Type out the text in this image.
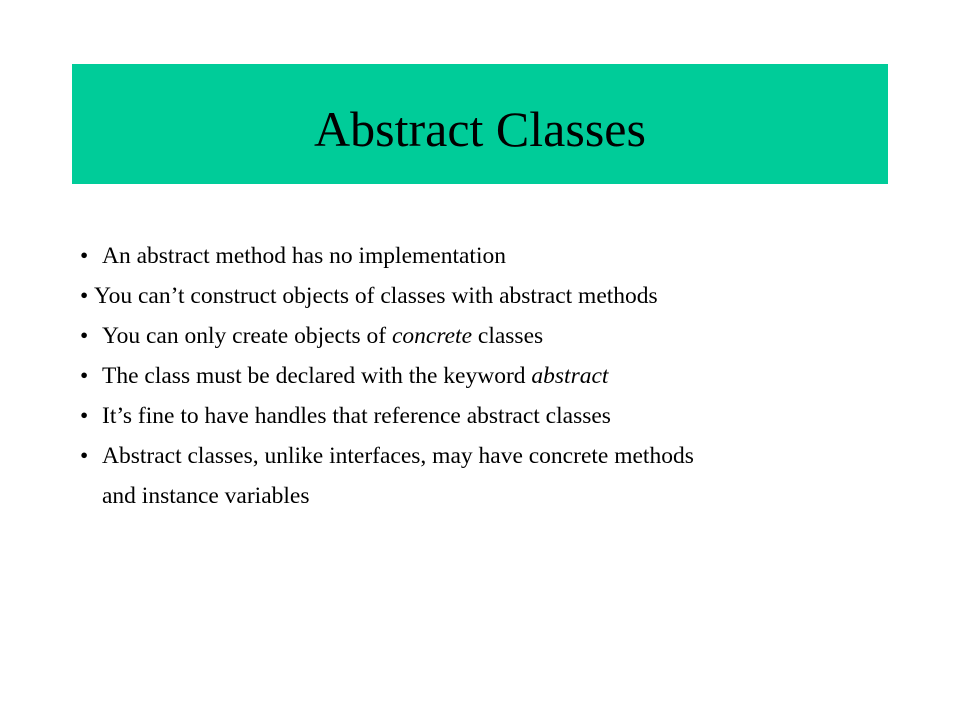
Abstract Classes
• An abstract method has no implementation
• You can’t construct objects of classes with abstract methods
• You can only create objects of concrete classes
• The class must be declared with the keyword abstract
• It’s fine to have handles that reference abstract classes
• Abstract classes, unlike interfaces, may have concrete methods
and instance variables
